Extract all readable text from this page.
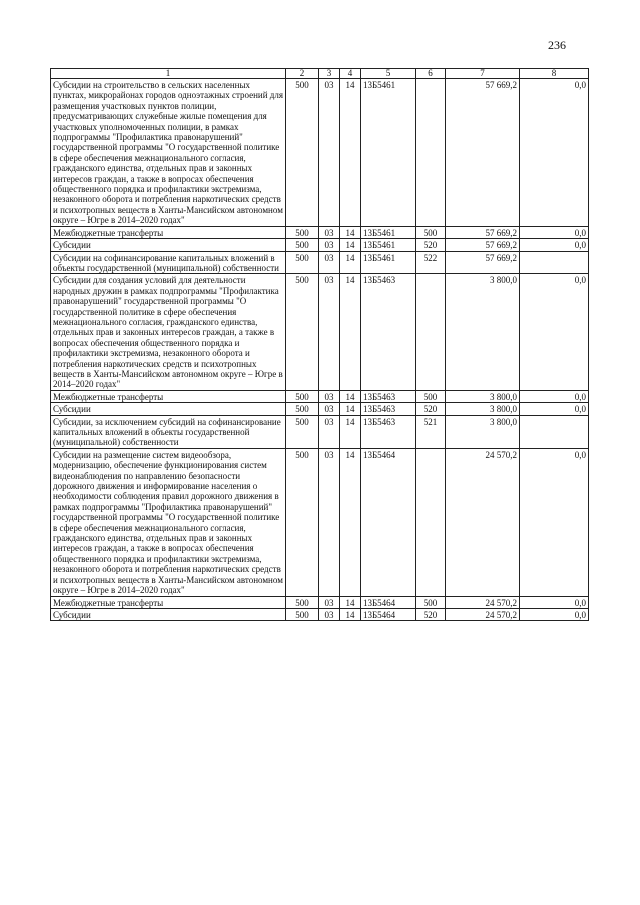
236
1	2	3	4	5	6	7	8
Субсидии на строительство в сельских населенных пунктах, микрорайонах городов одноэтажных строений для размещения участковых пунктов полиции, предусматривающих служебные жилые помещения для участковых уполномоченных полиции, в рамках подпрограммы "Профилактика правонарушений" государственной программы "О государственной политике в сфере обеспечения межнационального согласия, гражданского единства, отдельных прав и законных интересов граждан, а также в вопросах обеспечения общественного порядка и профилактики экстремизма, незаконного оборота и потребления наркотических средств и психотропных веществ в Ханты-Мансийском автономном округе – Югре в 2014–2020 годах"	500	03	14	13Б5461		57 669,2	0,0
Межбюджетные трансферты	500	03	14	13Б5461	500	57 669,2	0,0
Субсидии	500	03	14	13Б5461	520	57 669,2	0,0
Субсидии на софинансирование капитальных вложений в объекты государственной (муниципальной) собственности	500	03	14	13Б5461	522	57 669,2	
Субсидии для создания условий для деятельности народных дружин в рамках подпрограммы "Профилактика правонарушений" государственной программы "О государственной политике в сфере обеспечения межнационального согласия, гражданского единства, отдельных прав и законных интересов граждан, а также в вопросах обеспечения общественного порядка и профилактики экстремизма, незаконного оборота и потребления наркотических средств и психотропных веществ в Ханты-Мансийском автономном округе – Югре в 2014–2020 годах"	500	03	14	13Б5463		3 800,0	0,0
Межбюджетные трансферты	500	03	14	13Б5463	500	3 800,0	0,0
Субсидии	500	03	14	13Б5463	520	3 800,0	0,0
Субсидии, за исключением субсидий на софинансирование капитальных вложений в объекты государственной (муниципальной) собственности	500	03	14	13Б5463	521	3 800,0	
Субсидии на размещение систем видеообзора, модернизацию, обеспечение функционирования систем видеонаблюдения по направлению безопасности дорожного движения и информирование населения о необходимости соблюдения правил дорожного движения в рамках подпрограммы "Профилактика правонарушений" государственной программы "О государственной политике в сфере обеспечения межнационального согласия, гражданского единства, отдельных прав и законных интересов граждан, а также в вопросах обеспечения общественного порядка и профилактики экстремизма, незаконного оборота и потребления наркотических средств и психотропных веществ в Ханты-Мансийском автономном округе – Югре в 2014–2020 годах"	500	03	14	13Б5464		24 570,2	0,0
Межбюджетные трансферты	500	03	14	13Б5464	500	24 570,2	0,0
Субсидии	500	03	14	13Б5464	520	24 570,2	0,0
